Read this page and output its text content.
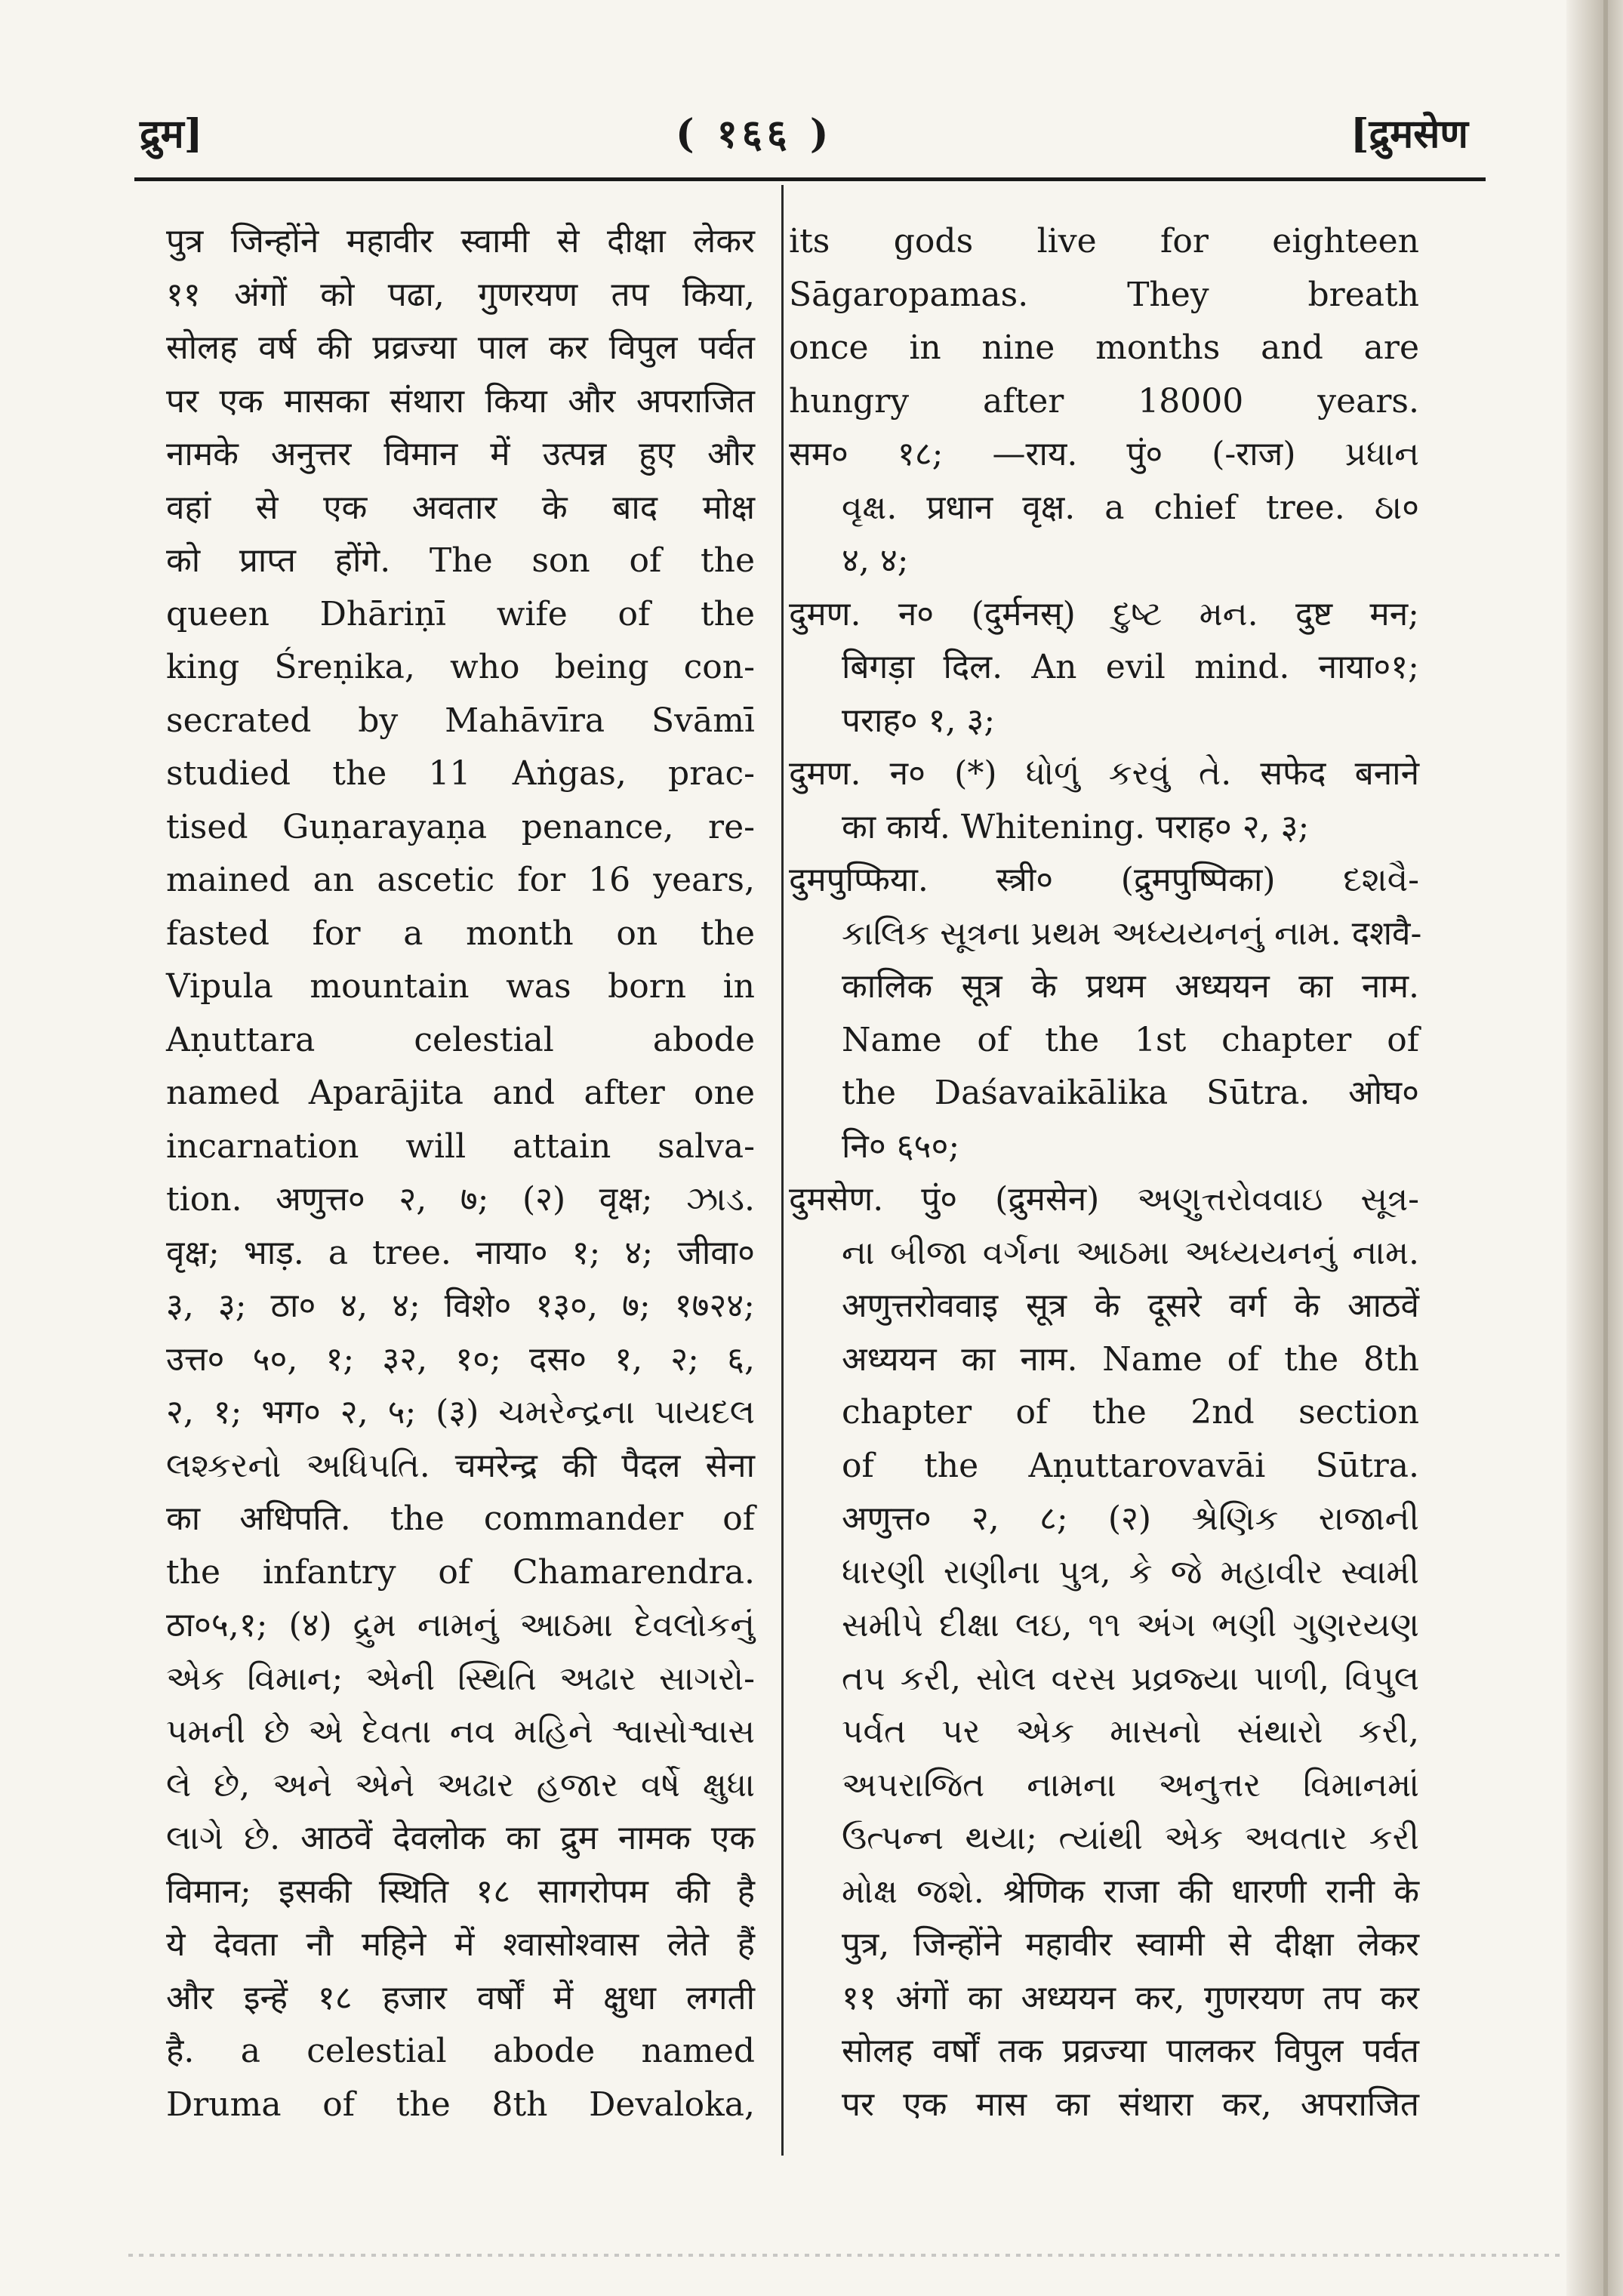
द्रुम]	( १६६ )	[द्रुमसेण
पुत्र जिन्होंने महावीर स्वामी से दीक्षा लेकर
११ अंगों को पढा, गुणरयण तप किया,
सोलह वर्ष की प्रव्रज्या पाल कर विपुल पर्वत
पर एक मासका संथारा किया और अपराजित
नामके अनुत्तर विमान में उत्पन्न हुए और
वहां से एक अवतार के बाद मोक्ष
को प्राप्त होंगे. The son of the
queen Dhāriṇī wife of the
king Śreṇika, who being con-
secrated by Mahāvīra Svāmī
studied the 11 Aṅgas, prac-
tised Guṇarayaṇa penance, re-
mained an ascetic for 16 years,
fasted for a month on the
Vipula mountain was born in
Aṇuttara celestial abode
named Aparājita and after one
incarnation will attain salva-
tion. अणुत्त० २, ७; (२) वृक्ष; ઝાડ.
वृक्ष; भाड़. a tree. नाया० १; ४; जीवा०
३, ३; ठा० ४, ४; विशे० १३०, ७; १७२४;
उत्त० ५०, १; ३२, १०; दस० १, २; ६,
२, १; भग० २, ५; (३) ચમરેન્દ્રના પાયદલ
લશ્કરનો અધિપતિ. चमरेन्द्र की पैदल सेना
का अधिपति. the commander of
the infantry of Chamarendra.
ठा०५,१; (४) દ્રુમ નામનું આઠમા દેવલોકનું
એક વિમાન; એની સ્થિતિ અઢાર સાગરો-
પમની છે એ દેવતા નવ મહિને શ્વાસોશ્વાસ
લે છે, અને એને અઢાર હજાર વર્ષે ક્ષુધા
લાગે છે. आठवें देवलोक का द्रुम नामक एक
विमान; इसकी स्थिति १८ सागरोपम की है
ये देवता नौ महिने में श्वासोश्वास लेते हैं
और इन्हें १८ हजार वर्षों में क्षुधा लगती
है. a celestial abode named
Druma of the 8th Devaloka,
its gods live for eighteen
Sāgaropamas. They breath
once in nine months and are
hungry after 18000 years.
सम० १८; —राय. पुं० (-राज) પ્રધાન
વૃક્ષ. प्रधान वृक्ष. a chief tree. ઠા०
४, ४;
दुमण. न० (दुर्मनस्) દુષ્ટ મન. दुष्ट मन;
बिगड़ा दिल. An evil mind. नाया०१;
पराह० १, ३;
दुमण. न० (*) ધોળું કરવું તે. सफेद बनाने
का कार्य. Whitening. पराह० २, ३;
दुमपुप्फिया. स्त्री० (द्रुमपुष्पिका) દશવૈ-
કાલિક સૂત્રના પ્રથમ અધ્યયનનું નામ. दशवै-
कालिक सूत्र के प्रथम अध्ययन का नाम.
Name of the 1st chapter of
the Daśavaikālika Sūtra. ओघ०
नि० ६५०;
दुमसेण. पुं० (द्रुमसेन) અણુત્તરોવવાઇ સૂત્ર-
ના બીજા વર્ગના આઠમા અધ્યયનનું નામ.
अणुत्तरोववाइ सूत्र के दूसरे वर्ग के आठवें
अध्ययन का नाम. Name of the 8th
chapter of the 2nd section
of the Aṇuttarovavāi Sūtra.
अणुत्त० २, ८; (२) શ્રેણિક રાજાની
ધારણી રાણીના પુત્ર, કે જે મહાવીર સ્વામી
સમીપે દીક્ષા લઇ, ૧૧ અંગ ભણી ગુણરયણ
તપ કરી, સોલ વરસ પ્રવ્રજ્યા પાળી, વિપુલ
પર્વત પર એક માસનો સંથારો કરી,
અપરાજિત નામના અનુત્તર વિમાનમાં
ઉત્પન્ન થયા; ત્યાંથી એક અવતાર કરી
મોક્ષ જશે. श्रेणिक राजा की धारणी रानी के
पुत्र, जिन्होंने महावीर स्वामी से दीक्षा लेकर
११ अंगों का अध्ययन कर, गुणरयण तप कर
सोलह वर्षों तक प्रव्रज्या पालकर विपुल पर्वत
पर एक मास का संथारा कर, अपराजित
